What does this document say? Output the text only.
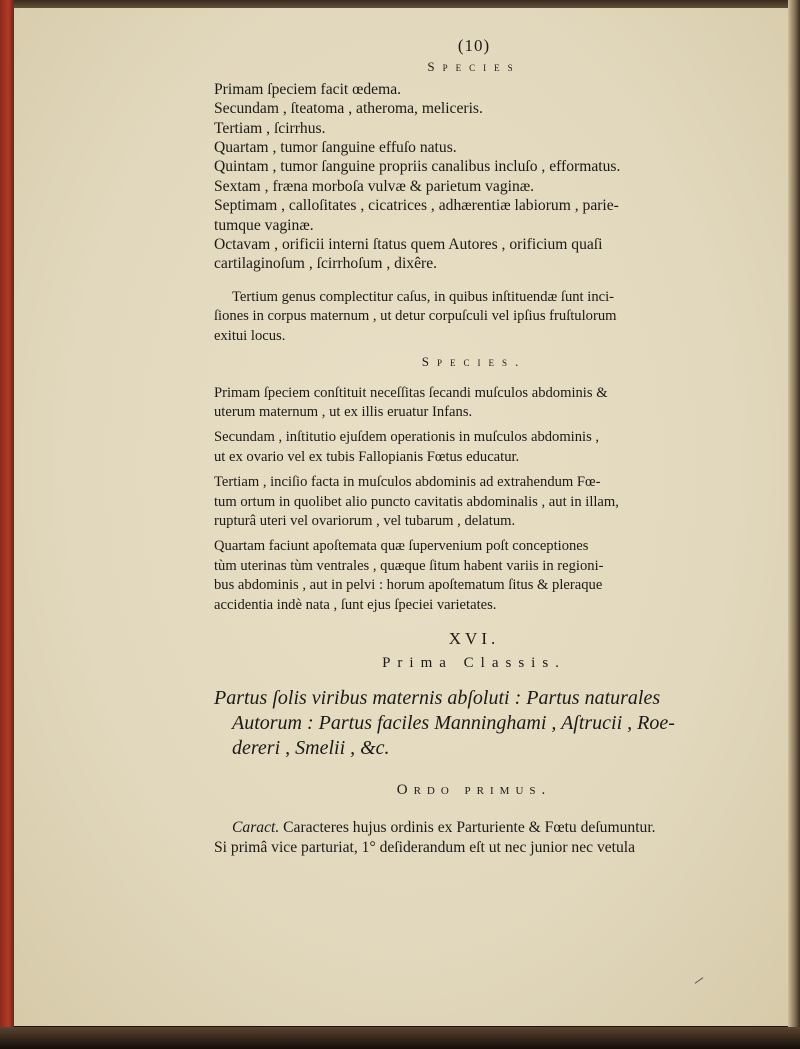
(10)
Species
Primam ſpeciem facit œdema.
Secundam , ſteatoma , atheroma, meliceris.
Tertiam , ſcirrhus.
Quartam , tumor ſanguine effuſo natus.
Quintam , tumor ſanguine propriis canalibus incluſo , efformatus.
Sextam , fræna morboſa vulvæ & parietum vaginæ.
Septimam , calloſitates , cicatrices , adhærentiæ labiorum , parie-
tumque vaginæ.
Octavam , orificii interni ſtatus quem Autores , orificium quaſi
cartilaginoſum , ſcirrhoſum , dixêre.
Tertium genus complectitur caſus, in quibus inſtituendæ ſunt inci-
ſiones in corpus maternum , ut detur corpuſculi vel ipſius fruſtulorum
exitui locus.
Species.
Primam ſpeciem conſtituit neceſſitas ſecandi muſculos abdominis &
uterum maternum , ut ex illis eruatur Infans.
Secundam , inſtitutio ejuſdem operationis in muſculos abdominis ,
ut ex ovario vel ex tubis Fallopianis Fœtus educatur.
Tertiam , inciſio facta in muſculos abdominis ad extrahendum Fœ-
tum ortum in quolibet alio puncto cavitatis abdominalis , aut in illam,
rupturâ uteri vel ovariorum , vel tubarum , delatum.
Quartam faciunt apoſtemata quæ ſupervenium poſt conceptiones
tùm uterinas tùm ventrales , quæque ſitum habent variis in regioni-
bus abdominis , aut in pelvi : horum apoſtematum ſitus & pleraque
accidentia indè nata , ſunt ejus ſpeciei varietates.
XVI.
Prima Classis.
Partus ſolis viribus maternis abſoluti : Partus naturales
Autorum : Partus faciles Manninghami , Aſtrucii , Roe-
dereri , Smelii , &c.
Ordo primus.
Caract. Caracteres hujus ordinis ex Parturiente & Fœtu deſumuntur.
Si primâ vice parturiat, 1° deſiderandum eſt ut nec junior nec vetula
